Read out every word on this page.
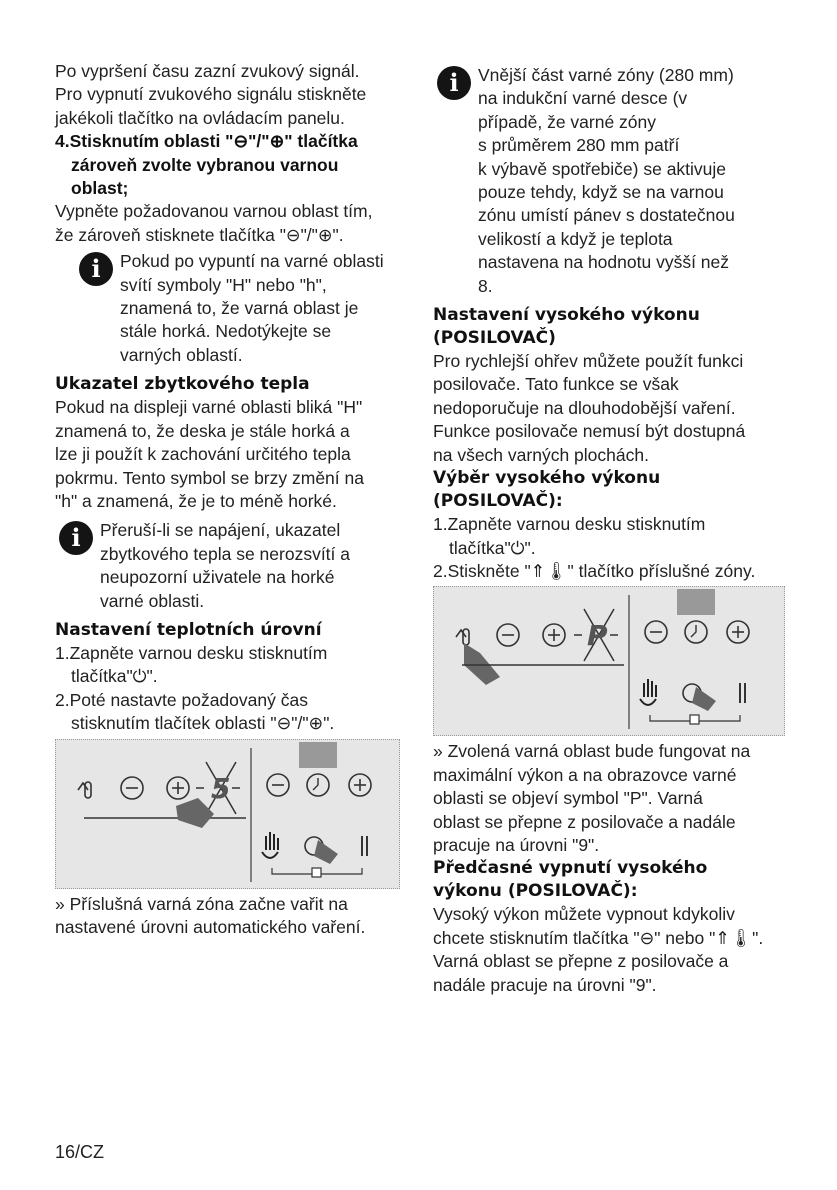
Po vypršení času zazní zvukový signál.

Pro vypnutí zvukového signálu stiskněte

jakékoli tlačítko na ovládacím panelu.

4.Stisknutím oblasti "⊖"/"⊕" tlačítka
zároveň zvolte vybranou varnou
oblast;

Vypněte požadovanou varnou oblast tím,

že zároveň stisknete tlačítka "⊖"/"⊕".

i	Pokud po vypuntí na varné oblasti

svítí symboly "H" nebo "h",

znamená to, že varná oblast je

stále horká. Nedotýkejte se

varných oblastí.

Ukazatel zbytkového tepla

Pokud na displeji varné oblasti bliká "H"

znamená to, že deska je stále horká a

lze ji použít k zachování určitého tepla

pokrmu. Tento symbol se brzy změní na

"h" a znamená, že je to méně horké.

i	Přeruší-li se napájení, ukazatel

zbytkového tepla se nerozsvítí a

neupozorní uživatele na horké

varné oblasti.

Nastavení teplotních úrovní

1.Zapněte varnou desku stisknutím
tlačítka"⏻".

2.Poté nastavte požadovaný čas
stisknutím tlačítek oblasti "⊖"/"⊕".

5

» Příslušná varná zóna začne vařit na

nastavené úrovni automatického vaření.

i	Vnější část varné zóny (280 mm)

na indukční varné desce (v

případě, že varné zóny

s průměrem 280 mm patří

k výbavě spotřebiče) se aktivuje

pouze tehdy, když se na varnou

zónu umístí pánev s dostatečnou

velikostí a když je teplota

nastavena na hodnotu vyšší než

8.

Nastavení vysokého výkonu
(POSILOVAČ)

Pro rychlejší ohřev můžete použít funkci

posilovače. Tato funkce se však

nedoporučuje na dlouhodobější vaření.

Funkce posilovače nemusí být dostupná

na všech varných plochách.

Výběr vysokého výkonu
(POSILOVAČ):

1.Zapněte varnou desku stisknutím
tlačítka"⏻".

2.Stiskněte "⇑🌡" tlačítko příslušné zóny.

P

» Zvolená varná oblast bude fungovat na

maximální výkon a na obrazovce varné

oblasti se objeví symbol "P". Varná

oblast se přepne z posilovače a nadále

pracuje na úrovni "9".

Předčasné vypnutí vysokého
výkonu (POSILOVAČ):

Vysoký výkon můžete vypnout kdykoliv

chcete stisknutím tlačítka "⊖" nebo "⇑🌡".

Varná oblast se přepne z posilovače a

nadále pracuje na úrovni "9".

16/CZ
